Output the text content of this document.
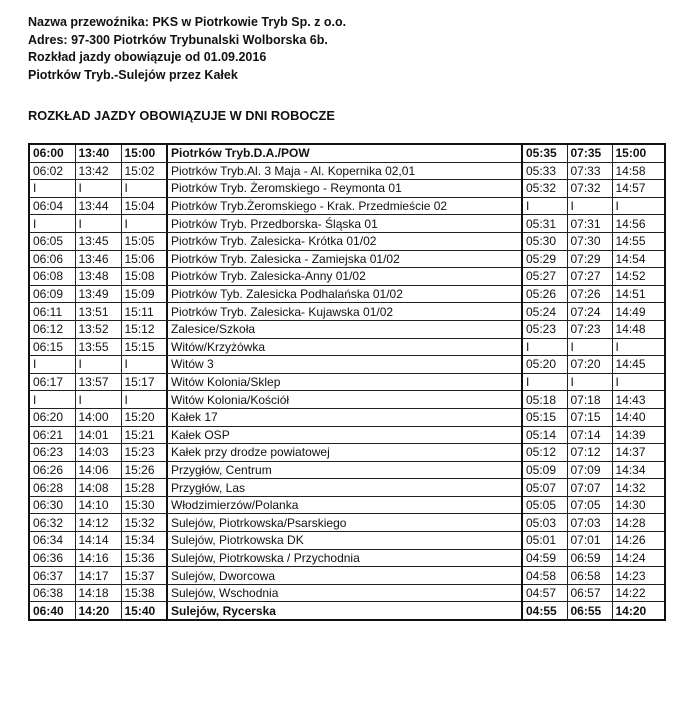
Nazwa przewoźnika: PKS w Piotrkowie Tryb Sp. z o.o.
Adres: 97-300 Piotrków Trybunalski Wolborska 6b.
Rozkład jazdy obowiązuje od 01.09.2016
Piotrków Tryb.-Sulejów przez Kałek
ROZKŁAD JAZDY OBOWIĄZUJE W DNI ROBOCZE
06:00	13:40	15:00	Piotrków Tryb.D.A./POW	05:35	07:35	15:00
06:02	13:42	15:02	Piotrków Tryb.Al. 3 Maja - Al. Kopernika 02,01	05:33	07:33	14:58
I	I	I	Piotrków Tryb. Żeromskiego - Reymonta 01	05:32	07:32	14:57
06:04	13:44	15:04	Piotrków Tryb.Żeromskiego - Krak. Przedmieście 02	I	I	I
I	I	I	Piotrków Tryb. Przedborska- Śląska 01	05:31	07:31	14:56
06:05	13:45	15:05	Piotrków Tryb. Zalesicka- Krótka 01/02	05:30	07:30	14:55
06:06	13:46	15:06	Piotrków Tryb. Zalesicka - Zamiejska 01/02	05:29	07:29	14:54
06:08	13:48	15:08	Piotrków Tryb. Zalesicka-Anny 01/02	05:27	07:27	14:52
06:09	13:49	15:09	Piotrków Tyb. Zalesicka Podhalańska 01/02	05:26	07:26	14:51
06:11	13:51	15:11	Piotrków Tryb. Zalesicka- Kujawska 01/02	05:24	07:24	14:49
06:12	13:52	15:12	Zalesice/Szkoła	05:23	07:23	14:48
06:15	13:55	15:15	Witów/Krzyżówka	I	I	I
I	I	I	Witów 3	05:20	07:20	14:45
06:17	13:57	15:17	Witów Kolonia/Sklep	I	I	I
I	I	I	Witów Kolonia/Kościół	05:18	07:18	14:43
06:20	14:00	15:20	Kałek 17	05:15	07:15	14:40
06:21	14:01	15:21	Kałek OSP	05:14	07:14	14:39
06:23	14:03	15:23	Kałek przy drodze powiatowej	05:12	07:12	14:37
06:26	14:06	15:26	Przygłów, Centrum	05:09	07:09	14:34
06:28	14:08	15:28	Przygłów, Las	05:07	07:07	14:32
06:30	14:10	15:30	Włodzimierzów/Polanka	05:05	07:05	14:30
06:32	14:12	15:32	Sulejów, Piotrkowska/Psarskiego	05:03	07:03	14:28
06:34	14:14	15:34	Sulejów, Piotrkowska DK	05:01	07:01	14:26
06:36	14:16	15:36	Sulejów, Piotrkowska / Przychodnia	04:59	06:59	14:24
06:37	14:17	15:37	Sulejów, Dworcowa	04:58	06:58	14:23
06:38	14:18	15:38	Sulejów, Wschodnia	04:57	06:57	14:22
06:40	14:20	15:40	Sulejów, Rycerska	04:55	06:55	14:20
